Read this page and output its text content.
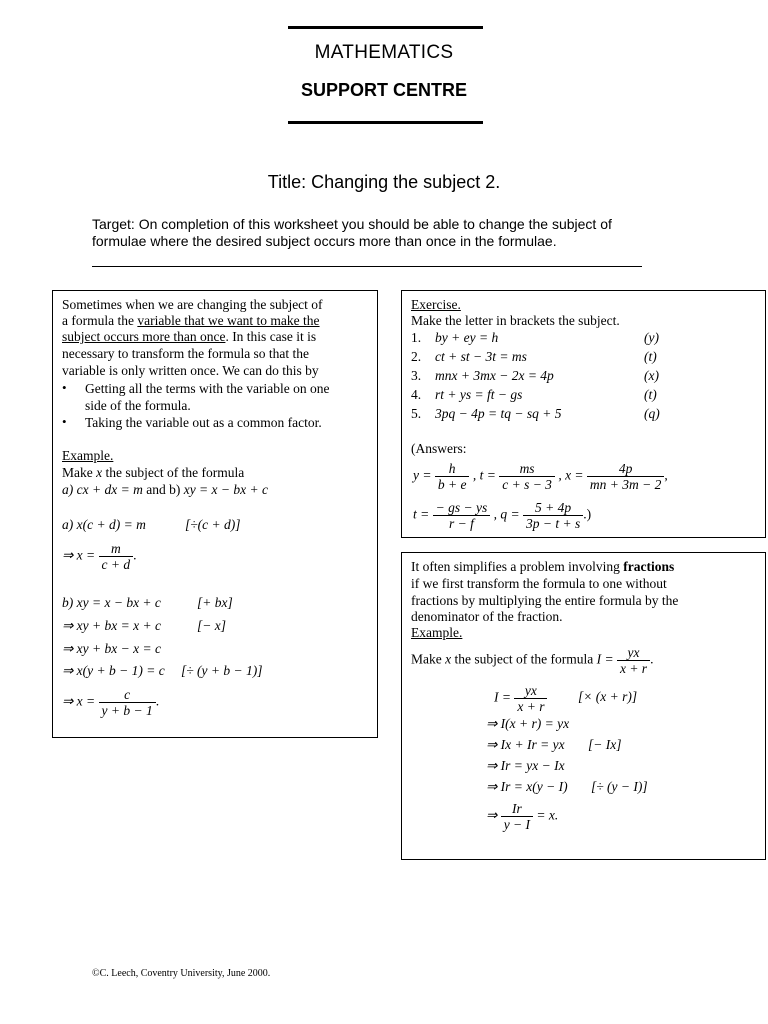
MATHEMATICS
SUPPORT CENTRE
Title: Changing the subject 2.
Target: On completion of this worksheet you should be able to change the subject of
formulae where the desired subject occurs more than once in the formulae.
Sometimes when we are changing the subject of
a formula the variable that we want to make the
subject occurs more than once. In this case it is
necessary to transform the formula so that the
variable is only written once. We can do this by
• Getting all the terms with the variable on one
side of the formula.
• Taking the variable out as a common factor.
Example.
Make x the subject of the formula
a) cx + dx = m and b) xy = x − bx + c
a) x(c + d) = m	[÷(c + d)]
⇒ $x = \frac{m}{c + d}$ .
b) xy = x − bx + c	[+ bx]
⇒ xy + bx = x + c	[− x]
⇒ xy + bx − x = c
⇒ x(y + b − 1) = c [÷ (y + b − 1)]
⇒ $x = \frac{c}{y + b - 1}$ .
Exercise.
Make the letter in brackets the subject.
1. by + ey = h	(y)
2. ct + st − 3t = ms	(t)
3. mnx + 3mx − 2x = 4p	(x)
4. rt + ys = ft − gs	(t)
5. 3pq − 4p = tq − sq + 5	(q)
(Answers:
$y = \frac{h}{b + e}$ , $t = \frac{ms}{c + s - 3}$ , $x = \frac{4p}{mn + 3m - 2}$ ,
$t = \frac{- gs - ys}{r - f}$ , $q = \frac{5 + 4p}{3p - t + s}$ .)
It often simplifies a problem involving fractions
if we first transform the formula to one without
fractions by multiplying the entire formula by the
denominator of the fraction.
Example.
Make x the subject of the formula $I = \frac{yx}{x + r}$ .
$I = \frac{yx}{x + r}$ [× (x + r)]
⇒ I(x + r) = yx
⇒ Ix + Ir = yx [− Ix]
⇒ Ir = yx − Ix
⇒ Ir = x(y − I) [÷ (y − I)]
⇒ $\frac{Ir}{y - I} = x$.
©C. Leech, Coventry University, June 2000.
